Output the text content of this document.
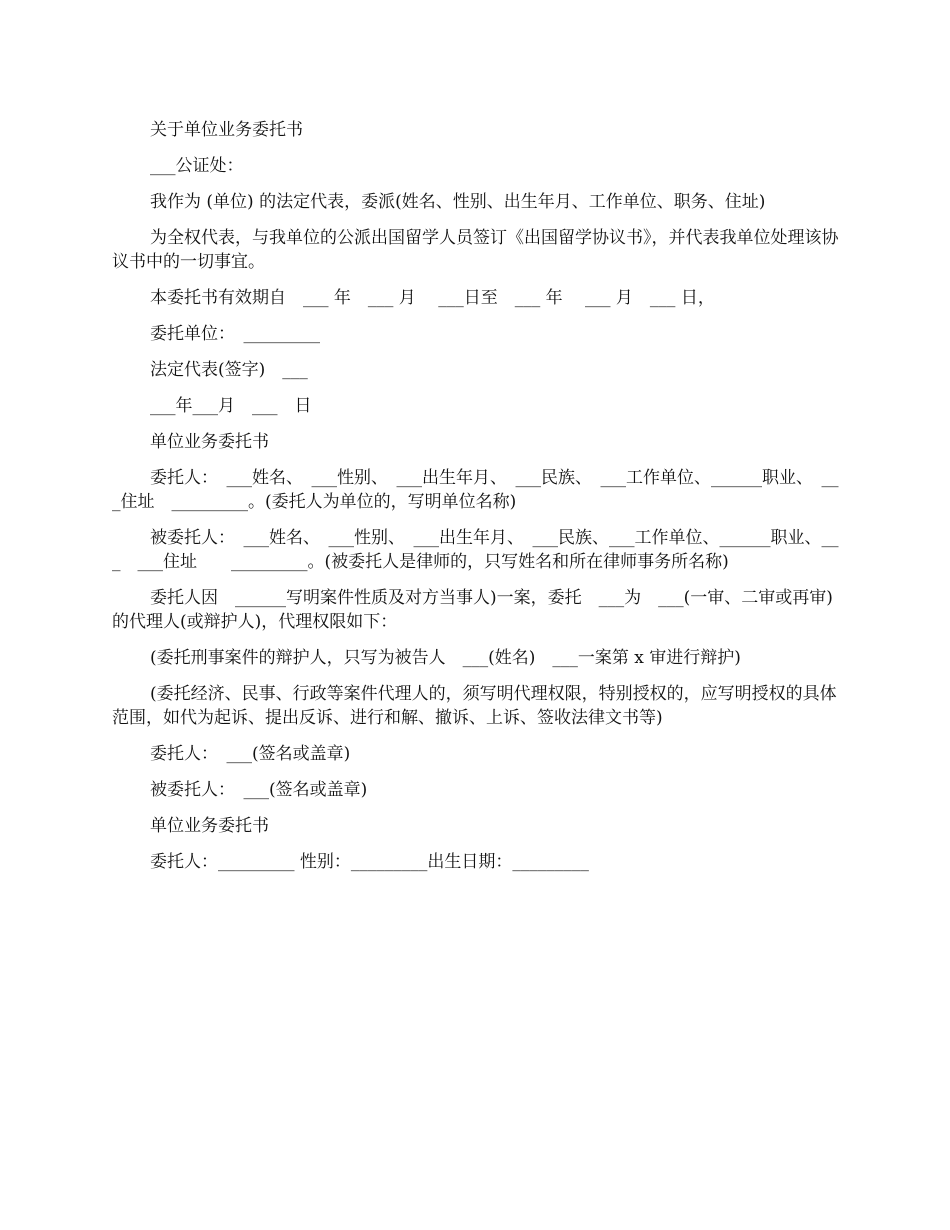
关于单位业务委托书

___公证处：

我作为 (单位) 的法定代表，委派(姓名、性别、出生年月、工作单位、职务、住址)

为全权代表，与我单位的公派出国留学人员签订《出国留学协议书》，并代表我单位处理该协议书中的一切事宜。

本委托书有效期自　___ 年　___ 月　 ___日至　___ 年　 ___ 月　___ 日，

委托单位：　_________

法定代表(签字)　___

___年___月　___　日

单位业务委托书

委托人：　___姓名、　___性别、　___出生年月、　___民族、　___工作单位、______职业、　___住址　_________。(委托人为单位的，写明单位名称)

被委托人：　___姓名、　___性别、　___出生年月、　___民族、___工作单位、______职业、___　___住址　　_________。(被委托人是律师的，只写姓名和所在律师事务所名称)

委托人因　______写明案件性质及对方当事人)一案，委托　___为　___(一审、二审或再审)的代理人(或辩护人)，代理权限如下：

(委托刑事案件的辩护人，只写为被告人　___(姓名)　___一案第 x 审进行辩护)

(委托经济、民事、行政等案件代理人的，须写明代理权限，特别授权的，应写明授权的具体范围，如代为起诉、提出反诉、进行和解、撤诉、上诉、签收法律文书等)

委托人：　___(签名或盖章)

被委托人：　___(签名或盖章)

单位业务委托书

委托人：_________ 性别：_________出生日期：_________
